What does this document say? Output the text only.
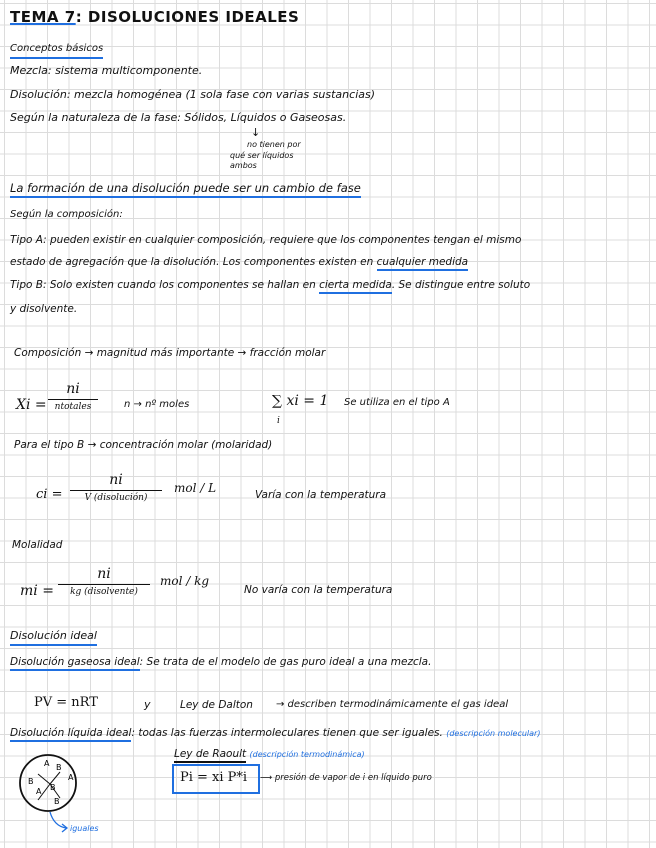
TEMA 7: DISOLUCIONES IDEALES
Conceptos básicos
Mezcla: sistema multicomponente.
Disolución: mezcla homogénea (1 sola fase con varias sustancias)
Según la naturaleza de la fase: Sólidos, Líquidos o Gaseosas.
no tienen por
qué ser líquidos
ambos
↓
La formación de una disolución puede ser un cambio de fase
Según la composición:
Tipo A: pueden existir en cualquier composición, requiere que los componentes tengan el mismo
estado de agregación que la disolución. Los componentes existen en cualquier medida
Tipo B: Solo existen cuando los componentes se hallan en cierta medida. Se distingue entre soluto
y disolvente.
Composición → magnitud más importante → fracción molar
Xi =
ni
ntotales	n → nº moles	∑ xi = 1
i
Se utiliza en el tipo A
Para el tipo B → concentración molar (molaridad)
ci =
ni
V (disolución)
mol / L	Varía con la temperatura
Molalidad
mi =
ni
kg (disolvente)
mol / kg
No varía con la temperatura
Disolución ideal
Disolución gaseosa ideal: Se trata de el modelo de gas puro ideal a una mezcla.
PV = nRT	y	Ley de Dalton → describen termodinámicamente el gas ideal
Disolución líquida ideal: todas las fuerzas intermoleculares tienen que ser iguales. (descripción molecular)
Ley de Raoult (descripción termodinámica)
Pi = xi P*i ⟶ presión de vapor de i en líquido puro
A
B
B
A
A B
B
iguales
